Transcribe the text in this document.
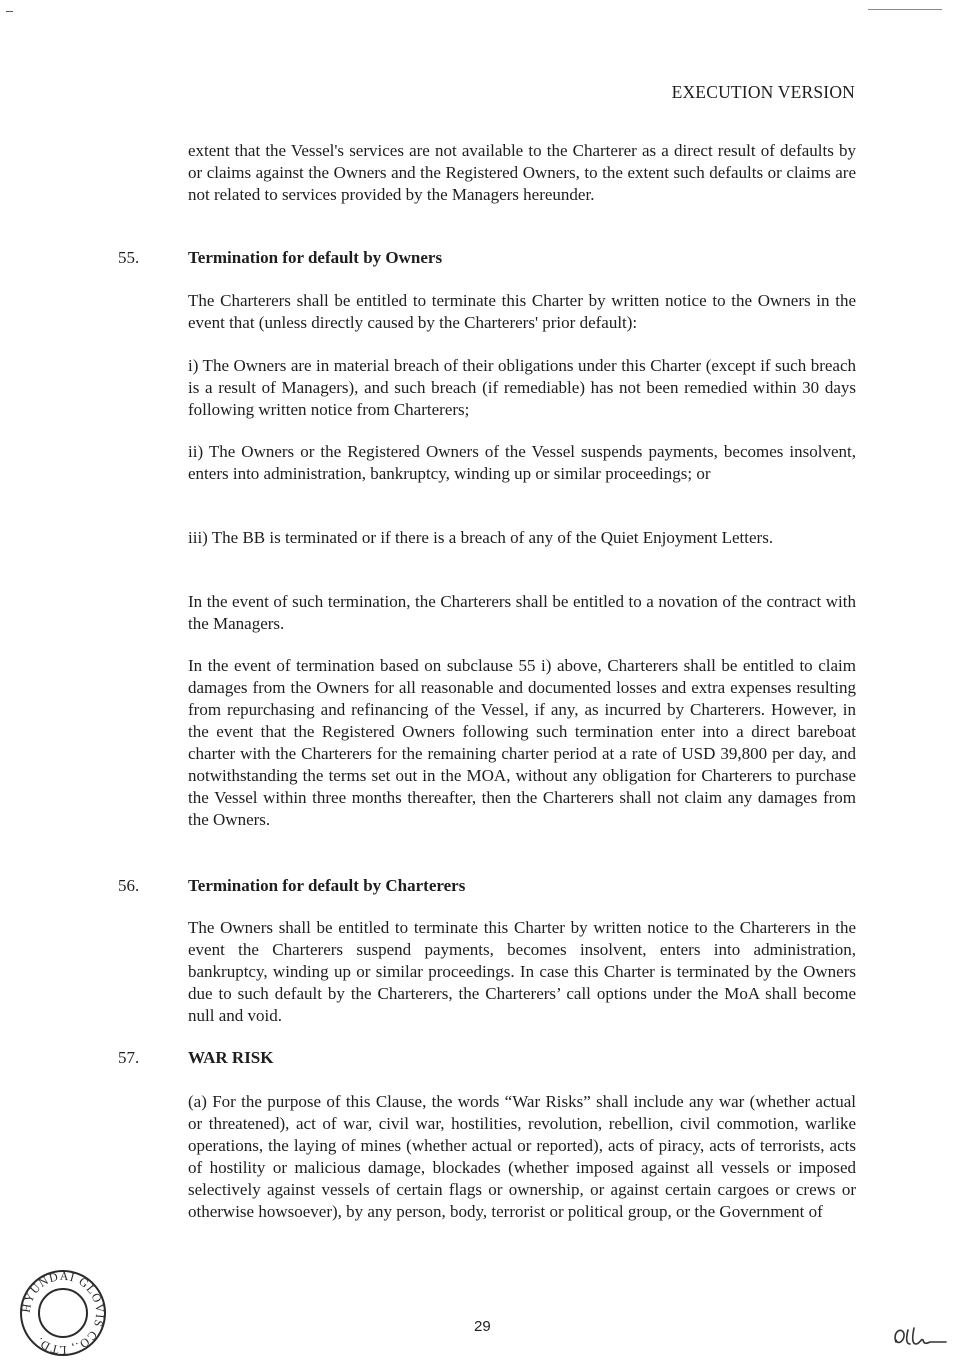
EXECUTION VERSION

extent that the Vessel's services are not available to the Charterer as a direct result of defaults by or claims against the Owners and the Registered Owners, to the extent such defaults or claims are not related to services provided by the Managers hereunder.

55.	Termination for default by Owners

The Charterers shall be entitled to terminate this Charter by written notice to the Owners in the event that (unless directly caused by the Charterers' prior default):

i) The Owners are in material breach of their obligations under this Charter (except if such breach is a result of Managers), and such breach (if remediable) has not been remedied within 30 days following written notice from Charterers;

ii) The Owners or the Registered Owners of the Vessel suspends payments, becomes insolvent, enters into administration, bankruptcy, winding up or similar proceedings; or

iii) The BB is terminated or if there is a breach of any of the Quiet Enjoyment Letters.

In the event of such termination, the Charterers shall be entitled to a novation of the contract with the Managers.

In the event of termination based on subclause 55 i) above, Charterers shall be entitled to claim damages from the Owners for all reasonable and documented losses and extra expenses resulting from repurchasing and refinancing of the Vessel, if any, as incurred by Charterers. However, in the event that the Registered Owners following such termination enter into a direct bareboat charter with the Charterers for the remaining charter period at a rate of USD 39,800 per day, and notwithstanding the terms set out in the MOA, without any obligation for Charterers to purchase the Vessel within three months thereafter, then the Charterers shall not claim any damages from the Owners.

56.	Termination for default by Charterers

The Owners shall be entitled to terminate this Charter by written notice to the Charterers in the event the Charterers suspend payments, becomes insolvent, enters into administration, bankruptcy, winding up or similar proceedings. In case this Charter is terminated by the Owners due to such default by the Charterers, the Charterers’ call options under the MoA shall become null and void.

57.	WAR RISK

(a) For the purpose of this Clause, the words “War Risks” shall include any war (whether actual or threatened), act of war, civil war, hostilities, revolution, rebellion, civil commotion, warlike operations, the laying of mines (whether actual or reported), acts of piracy, acts of terrorists, acts of hostility or malicious damage, blockades (whether imposed against all vessels or imposed selectively against vessels of certain flags or ownership, or against certain cargoes or crews or otherwise howsoever), by any person, body, terrorist or political group, or the Government of

HYUNDAI GLOVIS CO., LTD.
29
